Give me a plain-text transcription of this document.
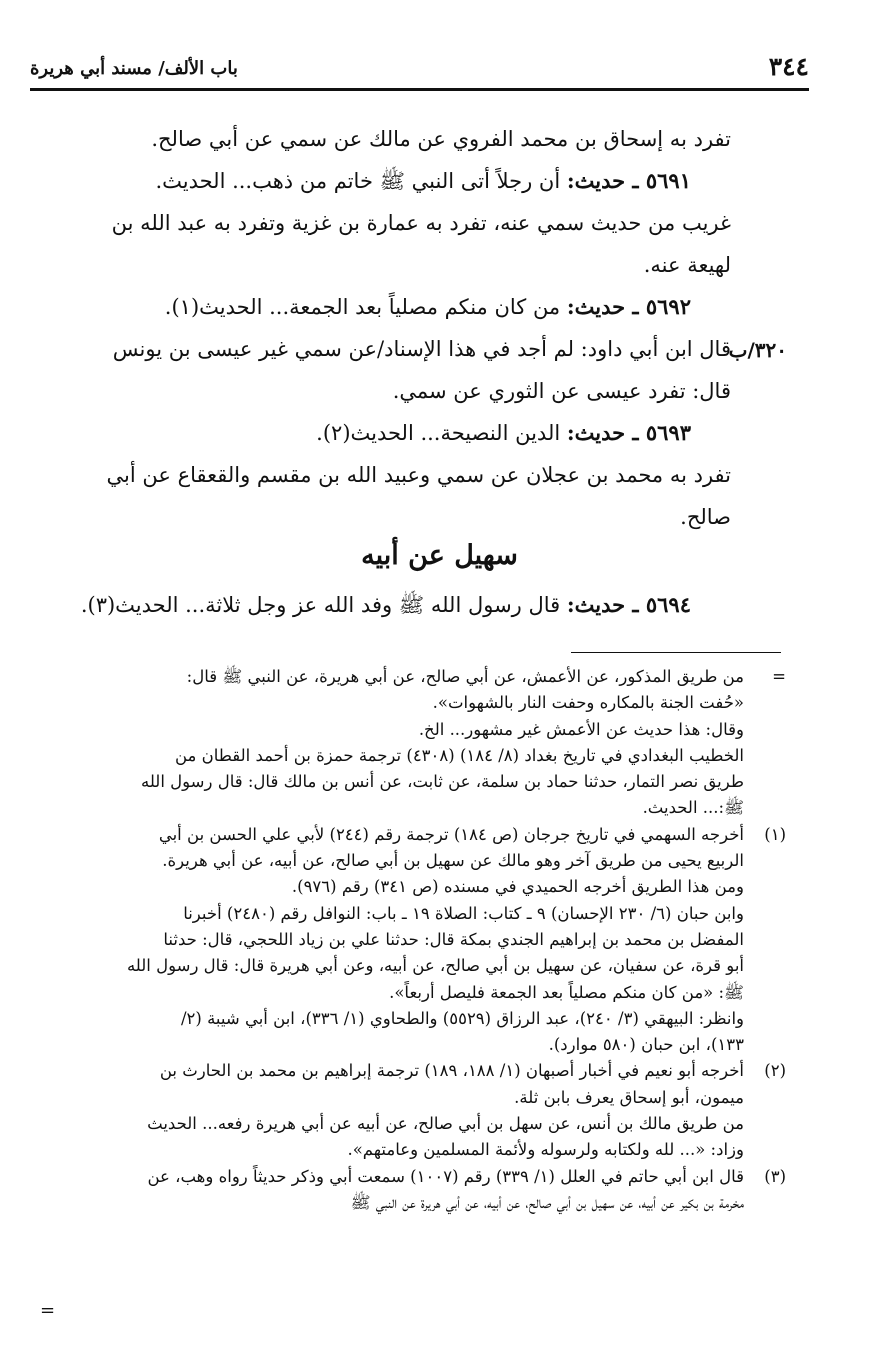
٣٤٤
باب الألف/ مسند أبي هريرة
٣٢٠/ب
تفرد به إسحاق بن محمد الفروي عن مالك عن سمي عن أبي صالح.
٥٦٩١ ـ حديث: أن رجلاً أتى النبي ﷺ خاتم من ذهب... الحديث.
غريب من حديث سمي عنه، تفرد به عمارة بن غزية وتفرد به عبد الله بن
لهيعة عنه.
٥٦٩٢ ـ حديث: من كان منكم مصلياً بعد الجمعة... الحديث(١).
قال ابن أبي داود: لم أجد في هذا الإسناد/عن سمي غير عيسى بن يونس
قال: تفرد عيسى عن الثوري عن سمي.
٥٦٩٣ ـ حديث: الدين النصيحة... الحديث(٢).
تفرد به محمد بن عجلان عن سمي وعبيد الله بن مقسم والقعقاع عن أبي
صالح.
سهيل عن أبيه
٥٦٩٤ ـ حديث: قال رسول الله ﷺ وفد الله عز وجل ثلاثة... الحديث(٣).
=

من طريق المذكور، عن الأعمش، عن أبي صالح، عن أبي هريرة، عن النبي ﷺ قال:

«حُفت الجنة بالمكاره وحفت النار بالشهوات».

وقال: هذا حديث عن الأعمش غير مشهور... الخ.

الخطيب البغدادي في تاريخ بغداد (٨/ ١٨٤) (٤٣٠٨) ترجمة حمزة بن أحمد القطان من

طريق نصر التمار، حدثنا حماد بن سلمة، عن ثابت، عن أنس بن مالك قال: قال رسول الله

ﷺ:... الحديث.

(١)

أخرجه السهمي في تاريخ جرجان (ص ١٨٤) ترجمة رقم (٢٤٤) لأبي علي الحسن بن أبي

الربيع يحيى من طريق آخر وهو مالك عن سهيل بن أبي صالح، عن أبيه، عن أبي هريرة.

ومن هذا الطريق أخرجه الحميدي في مسنده (ص ٣٤١) رقم (٩٧٦).

وابن حبان (٦/ ٢٣٠ الإحسان) ٩ ـ كتاب: الصلاة ١٩ ـ باب: النوافل رقم (٢٤٨٠) أخبرنا

المفضل بن محمد بن إبراهيم الجندي بمكة قال: حدثنا علي بن زياد اللحجي، قال: حدثنا

أبو قرة، عن سفيان، عن سهيل بن أبي صالح، عن أبيه، وعن أبي هريرة قال: قال رسول الله

ﷺ: «من كان منكم مصلياً بعد الجمعة فليصل أربعاً».

وانظر: البيهقي (٣/ ٢٤٠)، عبد الرزاق (٥٥٢٩) والطحاوي (١/ ٣٣٦)، ابن أبي شيبة (٢/

١٣٣)، ابن حبان (٥٨٠ موارد).

(٢)

أخرجه أبو نعيم في أخبار أصبهان (١/ ١٨٨، ١٨٩) ترجمة إبراهيم بن محمد بن الحارث بن

ميمون، أبو إسحاق يعرف بابن ثلة.

من طريق مالك بن أنس، عن سهل بن أبي صالح، عن أبيه عن أبي هريرة رفعه... الحديث

وزاد: «... لله ولكتابه ولرسوله ولأئمة المسلمين وعامتهم».

(٣)

قال ابن أبي حاتم في العلل (١/ ٣٣٩) رقم (١٠٠٧) سمعت أبي وذكر حديثاً رواه وهب، عن

مخرمة بن بكير عن أبيه، عن سهيل بن أبي صالح، عن أبيه، عن أبي هريرة عن النبي ﷺ

=
